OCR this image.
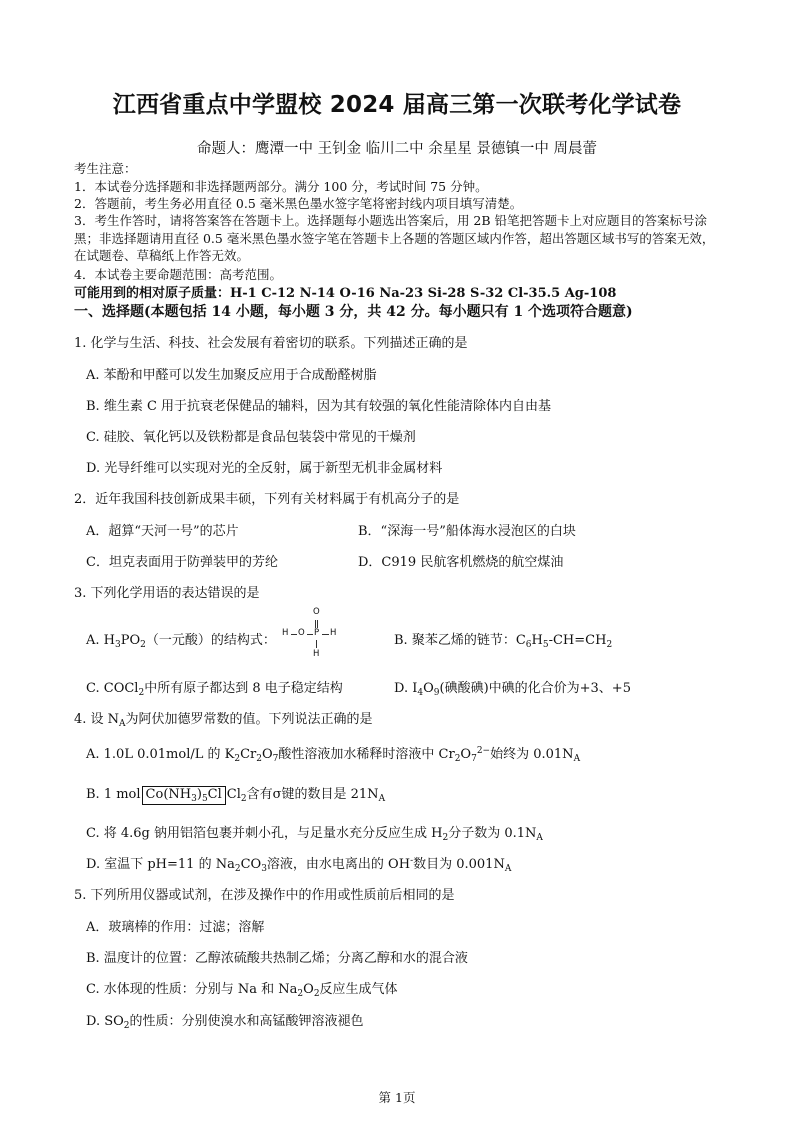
江西省重点中学盟校 2024 届高三第一次联考化学试卷
命题人：鹰潭一中 王钊金 临川二中 余星星 景德镇一中 周晨蕾
考生注意：
1．本试卷分选择题和非选择题两部分。满分 100 分，考试时间 75 分钟。
2．答题前，考生务必用直径 0.5 毫米黑色墨水签字笔将密封线内项目填写清楚。
3．考生作答时，请将答案答在答题卡上。选择题每小题选出答案后，用 2B 铅笔把答题卡上对应题目的答案标号涂黑；非选择题请用直径 0.5 毫米黑色墨水签字笔在答题卡上各题的答题区域内作答，超出答题区域书写的答案无效，在试题卷、草稿纸上作答无效。
4．本试卷主要命题范围：高考范围。
可能用到的相对原子质量：H-1 C-12 N-14 O-16 Na-23 Si-28 S-32 Cl-35.5 Ag-108
一、选择题(本题包括 14 小题，每小题 3 分，共 42 分。每小题只有 1 个选项符合题意)
1. 化学与生活、科技、社会发展有着密切的联系。下列描述正确的是
A. 苯酚和甲醛可以发生加聚反应用于合成酚醛树脂
B. 维生素 C 用于抗衰老保健品的辅料，因为其有较强的氧化性能清除体内自由基
C. 硅胶、氧化钙以及铁粉都是食品包装袋中常见的干燥剂
D. 光导纤维可以实现对光的全反射，属于新型无机非金属材料
2．近年我国科技创新成果丰硕，下列有关材料属于有机高分子的是
A．超算“天河一号”的芯片	B．“深海一号”船体海水浸泡区的白块
C．坦克表面用于防弹装甲的芳纶	D．C919 民航客机燃烧的航空煤油
3. 下列化学用语的表达错误的是
A. $H_3PO_2$（一元酸）的结构式：
O
H O P H
H
B. 聚苯乙烯的链节：$C_6H_5-CH=CH_2$
C. COCl$_2$中所有原子都达到 8 电子稳定结构	D. $I_4O_9$(碘酸碘)中碘的化合价为+3、+5
4. 设 $N_A$为阿伏加德罗常数的值。下列说法正确的是
A. 1.0L 0.01mol/L 的 $K_2Cr_2O_7$酸性溶液加水稀释时溶液中 $Cr_2O_7^{2-}$始终为 $0.01N_A$
B. 1 mol $Co(NH_3)_5Cl$ $Cl_2$含有σ键的数目是 $21N_A$
C. 将 4.6g 钠用铝箔包裹并刺小孔，与足量水充分反应生成 $H_2$分子数为 $0.1N_A$
D. 室温下 pH=11 的 $Na_2CO_3$溶液，由水电离出的 OH-数目为 $0.001N_A$
5. 下列所用仪器或试剂，在涉及操作中的作用或性质前后相同的是
A．玻璃棒的作用：过滤；溶解
B. 温度计的位置：乙醇浓硫酸共热制乙烯；分离乙醇和水的混合液
C. 水体现的性质：分别与 Na 和 $Na_2O_2$反应生成气体
D. $SO_2$的性质：分别使溴水和高锰酸钾溶液褪色
第 1页
